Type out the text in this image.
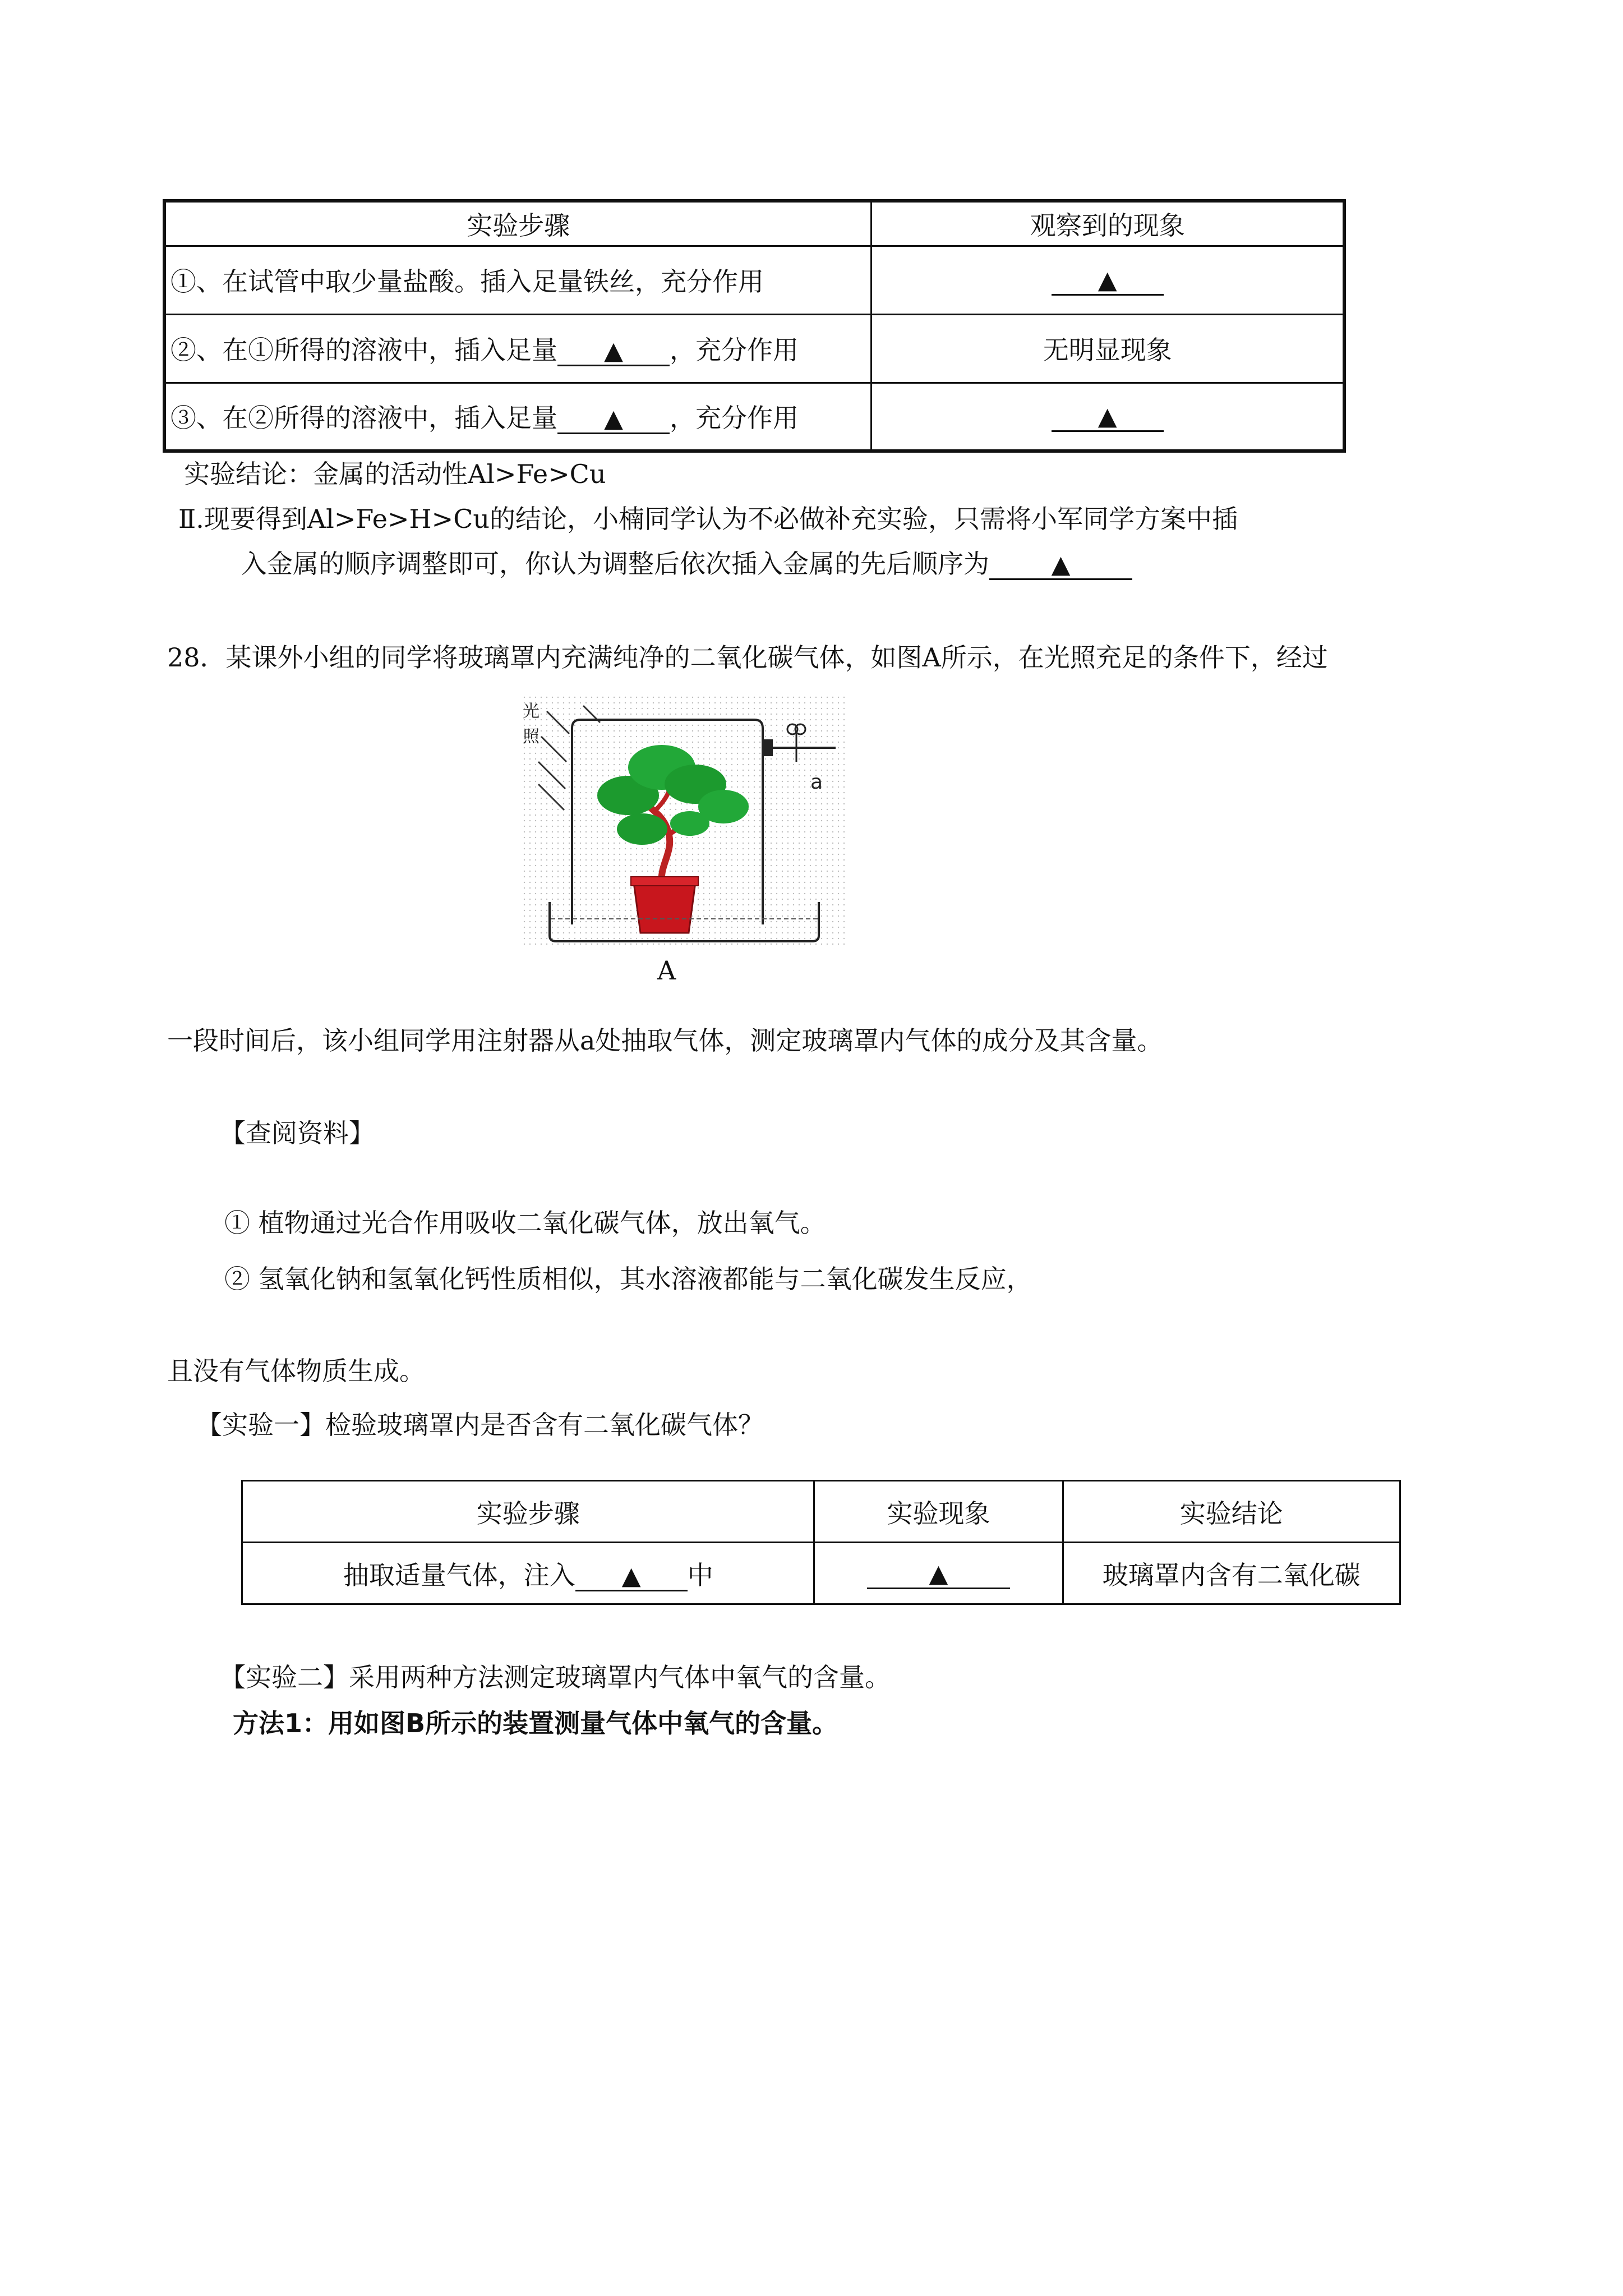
实验步骤	观察到的现象
①、在试管中取少量盐酸。插入足量铁丝，充分作用	▲
②、在①所得的溶液中，插入足量 ▲ ，充分作用	无明显现象
③、在②所得的溶液中，插入足量 ▲ ，充分作用	▲
实验结论：金属的活动性Al>Fe>Cu
Ⅱ.现要得到Al>Fe>H>Cu的结论，小楠同学认为不必做补充实验，只需将小军同学方案中插
入金属的顺序调整即可，你认为调整后依次插入金属的先后顺序为	▲
28．某课外小组的同学将玻璃罩内充满纯净的二氧化碳气体，如图A所示，在光照充足的条件下，经过
光
照
a
A
一段时间后，该小组同学用注射器从a处抽取气体，测定玻璃罩内气体的成分及其含量。
【查阅资料】
① 植物通过光合作用吸收二氧化碳气体，放出氧气。
② 氢氧化钠和氢氧化钙性质相似，其水溶液都能与二氧化碳发生反应，
且没有气体物质生成。
【实验一】检验玻璃罩内是否含有二氧化碳气体？
实验步骤	实验现象	实验结论
抽取适量气体，注入 ▲ 中	▲	玻璃罩内含有二氧化碳
【实验二】采用两种方法测定玻璃罩内气体中氧气的含量。
方法1：用如图B所示的装置测量气体中氧气的含量。
